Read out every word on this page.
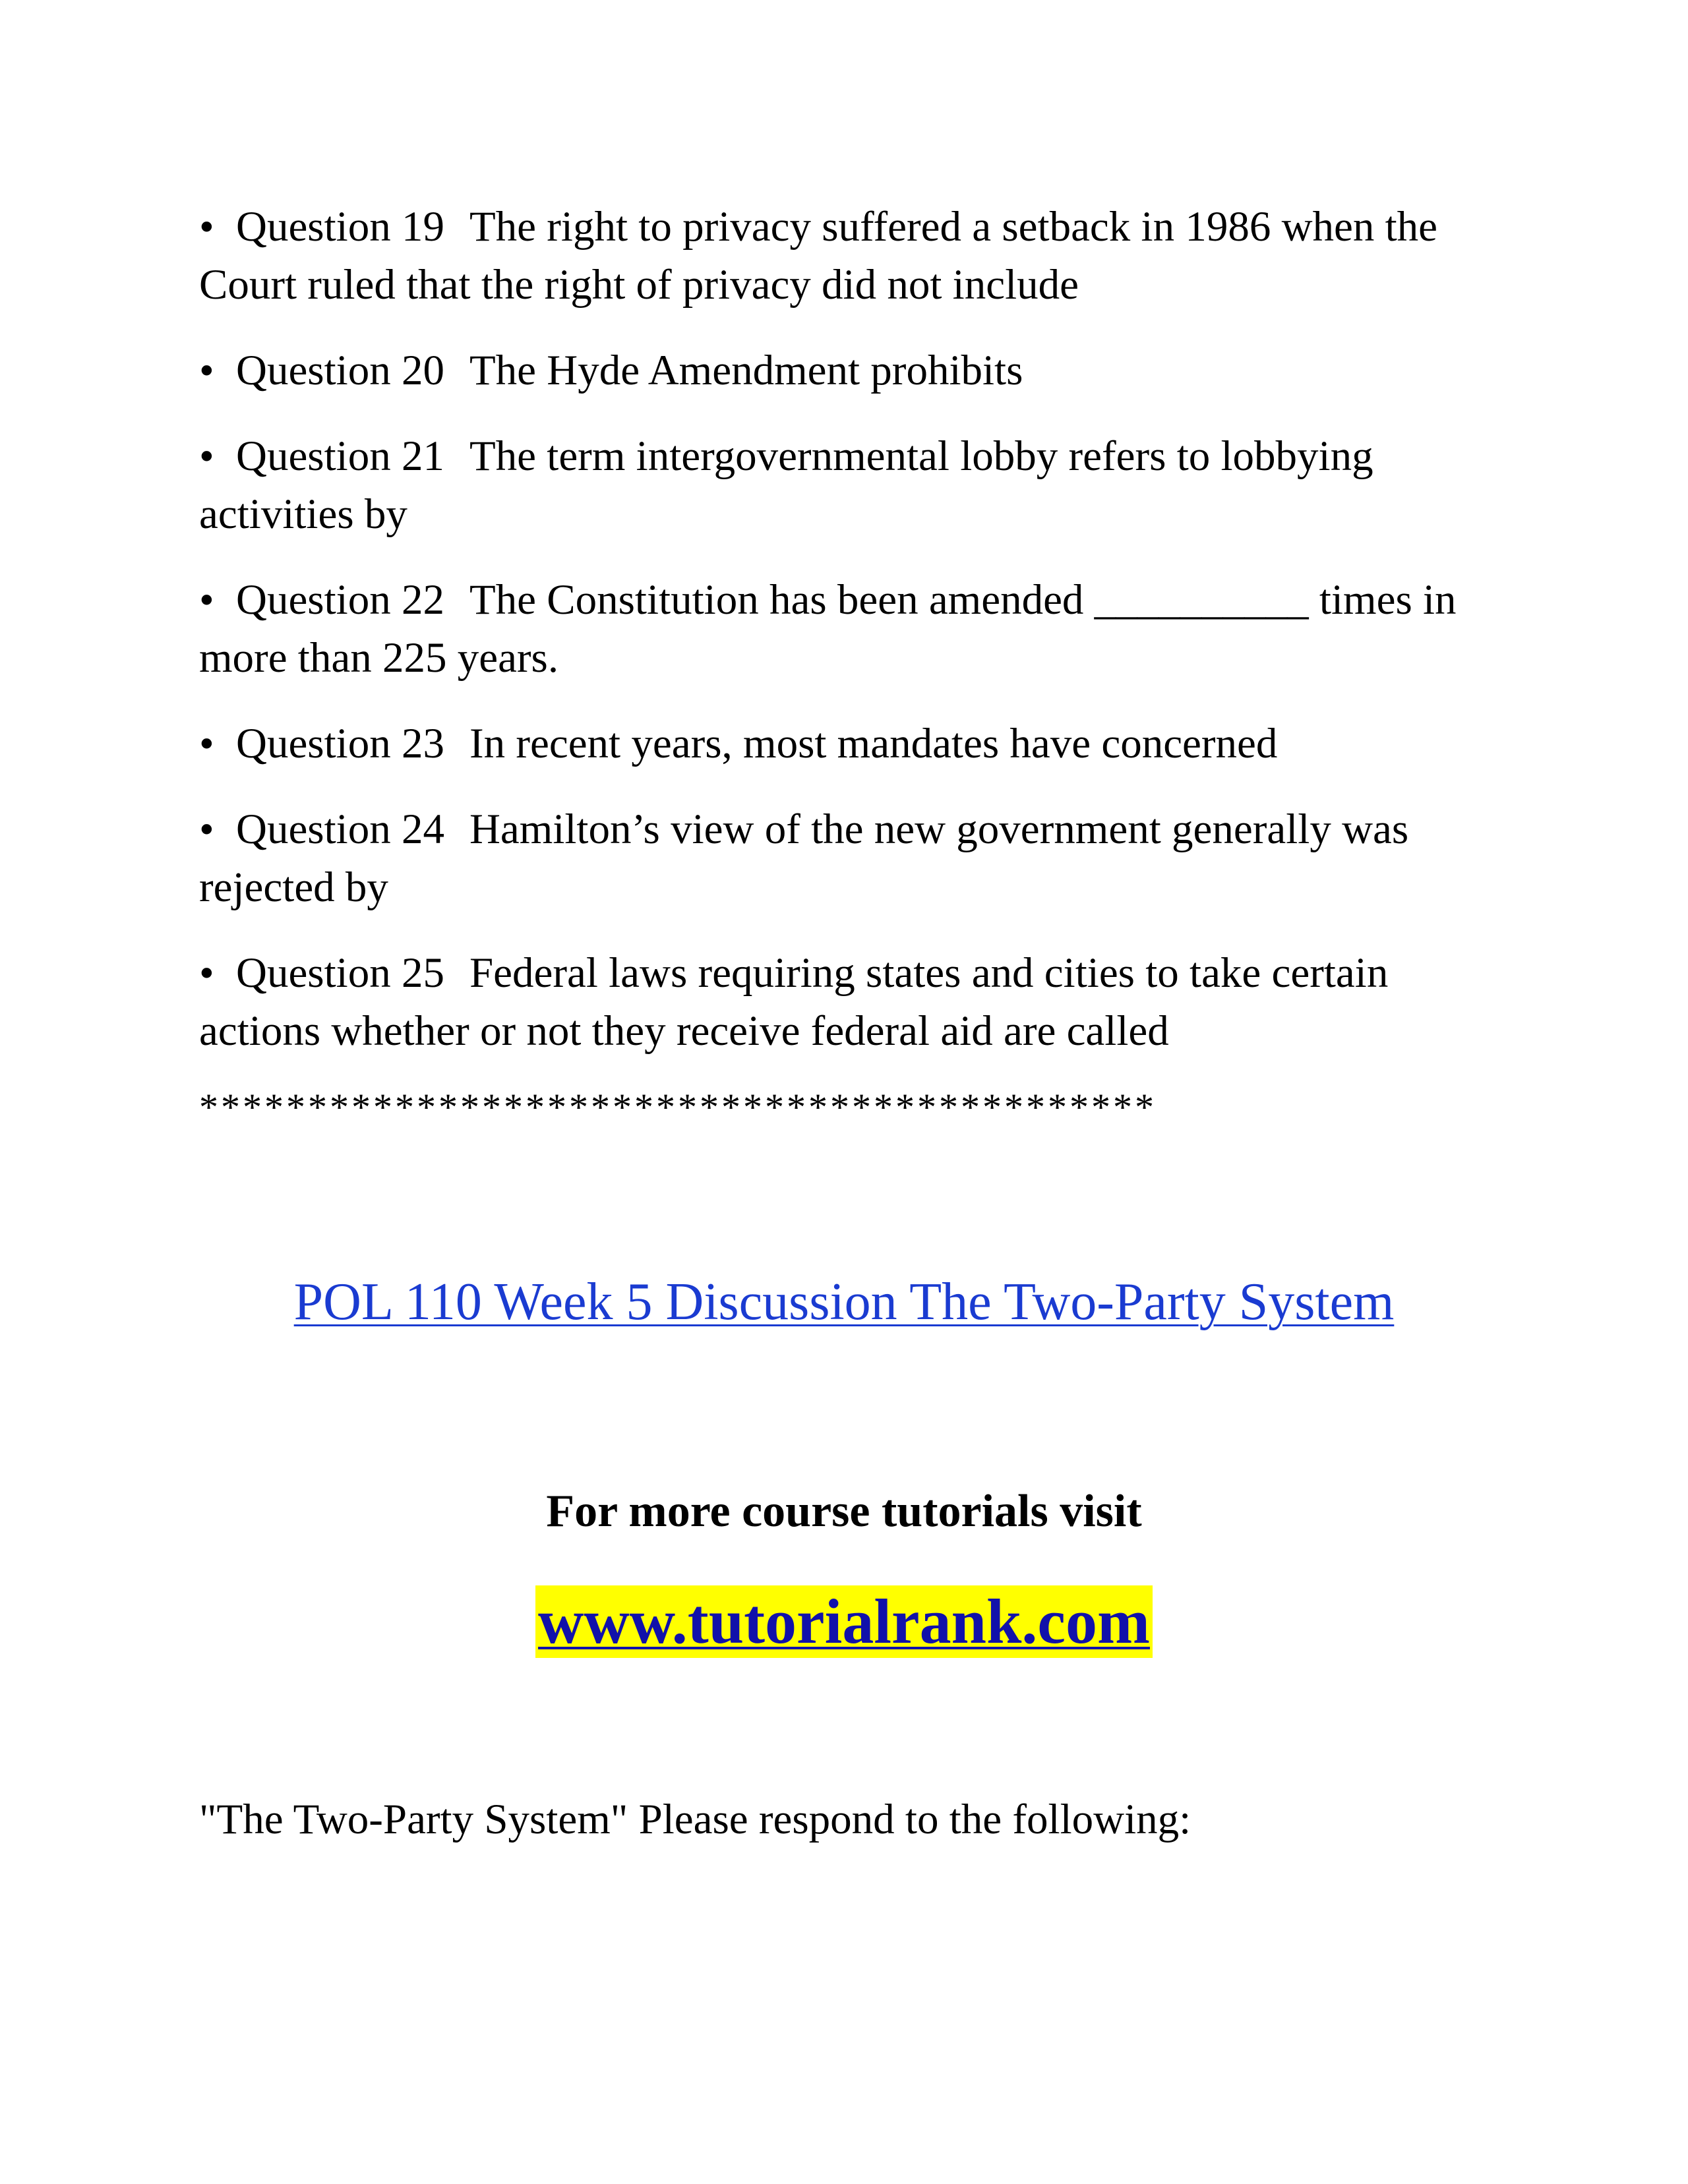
• Question 19 The right to privacy suffered a setback in 1986 when the Court ruled that the right of privacy did not include

• Question 20 The Hyde Amendment prohibits

• Question 21 The term intergovernmental lobby refers to lobbying activities by

• Question 22 The Constitution has been amended __________ times in more than 225 years.

• Question 23 In recent years, most mandates have concerned

• Question 24 Hamilton’s view of the new government generally was rejected by

• Question 25 Federal laws requiring states and cities to take certain actions whether or not they receive federal aid are called

********************************************
POL 110 Week 5 Discussion The Two-Party System
For more course tutorials visit
www.tutorialrank.com
"The Two-Party System" Please respond to the following:
